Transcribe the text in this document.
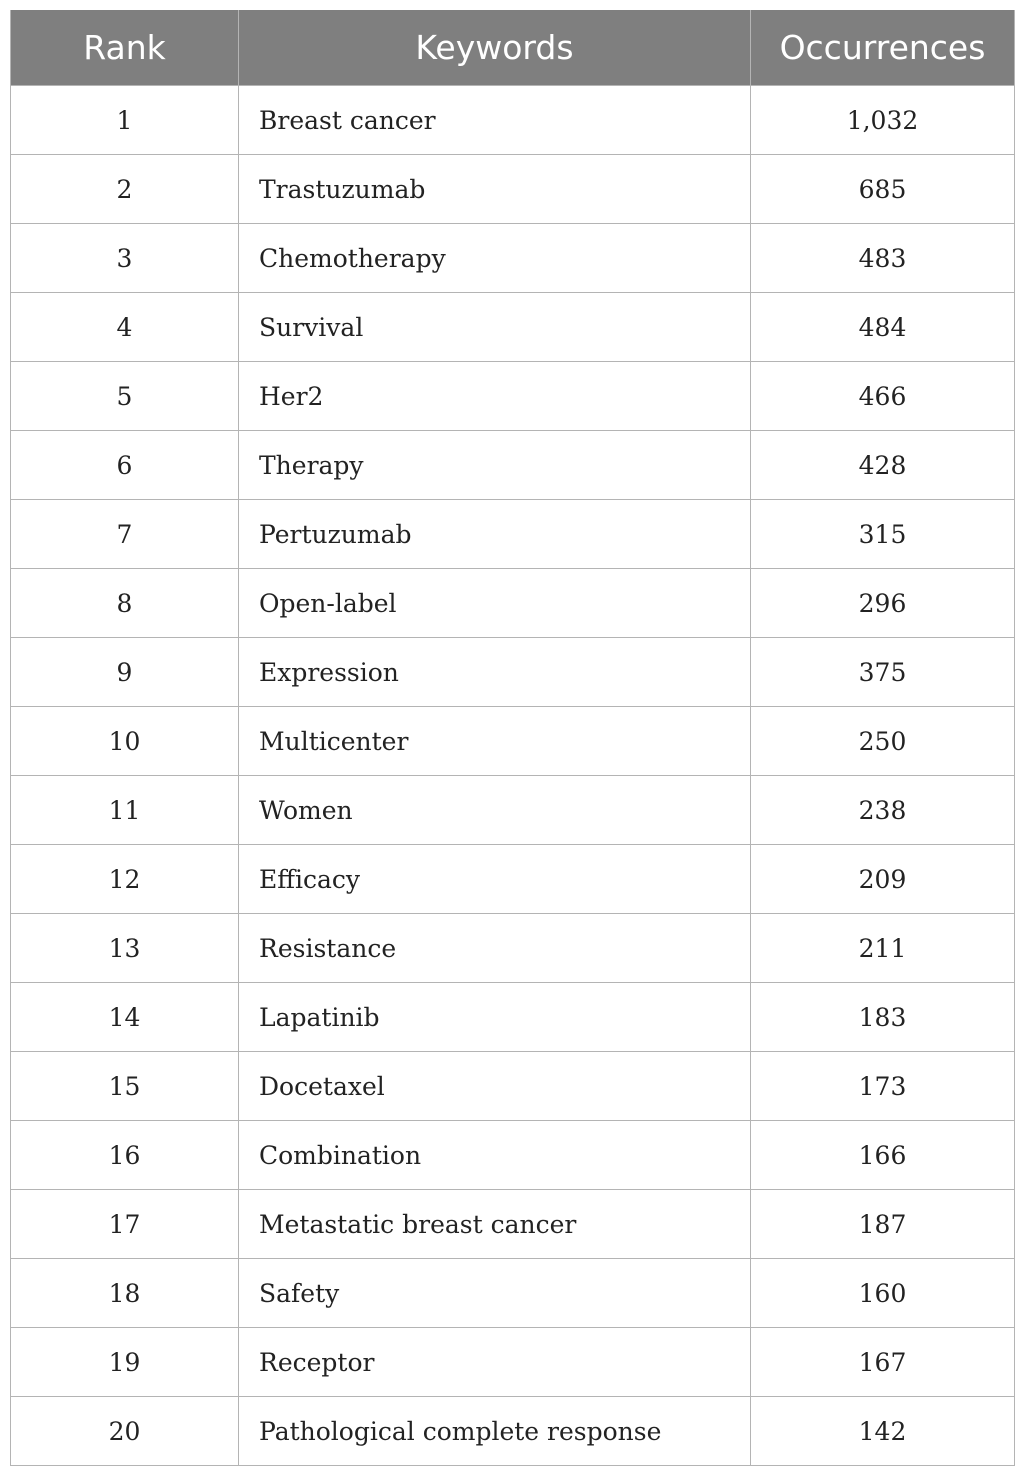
Rank	Keywords	Occurrences
1	Breast cancer	1,032
2	Trastuzumab	685
3	Chemotherapy	483
4	Survival	484
5	Her2	466
6	Therapy	428
7	Pertuzumab	315
8	Open-label	296
9	Expression	375
10	Multicenter	250
11	Women	238
12	Efficacy	209
13	Resistance	211
14	Lapatinib	183
15	Docetaxel	173
16	Combination	166
17	Metastatic breast cancer	187
18	Safety	160
19	Receptor	167
20	Pathological complete response	142
